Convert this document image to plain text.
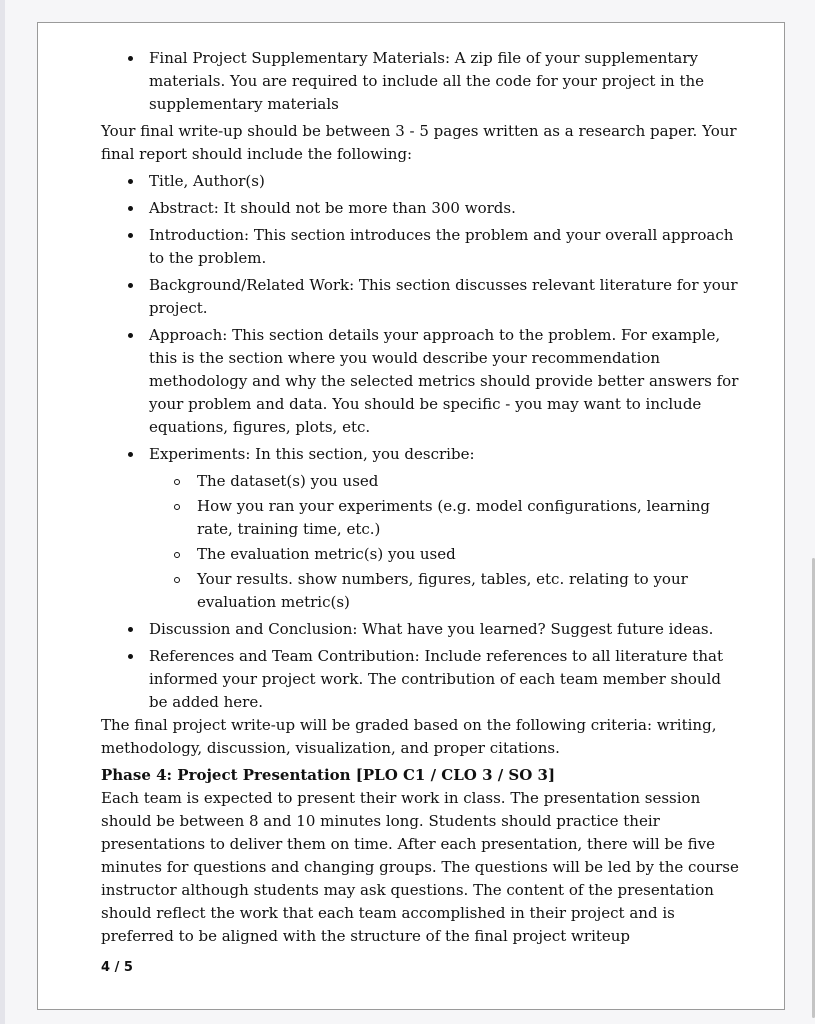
Final Project Supplementary Materials: A zip file of your supplementary materials. You are required to include all the code for your project in the supplementary materials

Your final write-up should be between 3 - 5 pages written as a research paper. Your final report should include the following:

Title, Author(s)
Abstract: It should not be more than 300 words.
Introduction: This section introduces the problem and your overall approach to the problem.
Background/Related Work: This section discusses relevant literature for your project.
Approach: This section details your approach to the problem. For example, this is the section where you would describe your recommendation methodology and why the selected metrics should provide better answers for your problem and data. You should be specific - you may want to include equations, figures, plots, etc.
Experiments: In this section, you describe:
The dataset(s) you used
How you ran your experiments (e.g. model configurations, learning rate, training time, etc.)
The evaluation metric(s) you used
Your results. show numbers, figures, tables, etc. relating to your evaluation metric(s)
Discussion and Conclusion: What have you learned? Suggest future ideas.
References and Team Contribution: Include references to all literature that informed your project work. The contribution of each team member should be added here.

The final project write-up will be graded based on the following criteria: writing, methodology, discussion, visualization, and proper citations.

Phase 4: Project Presentation [PLO C1 / CLO 3 / SO 3]

Each team is expected to present their work in class. The presentation session should be between 8 and 10 minutes long. Students should practice their presentations to deliver them on time. After each presentation, there will be five minutes for questions and changing groups. The questions will be led by the course instructor although students may ask questions. The content of the presentation should reflect the work that each team accomplished in their project and is preferred to be aligned with the structure of the final project writeup

4 / 5
